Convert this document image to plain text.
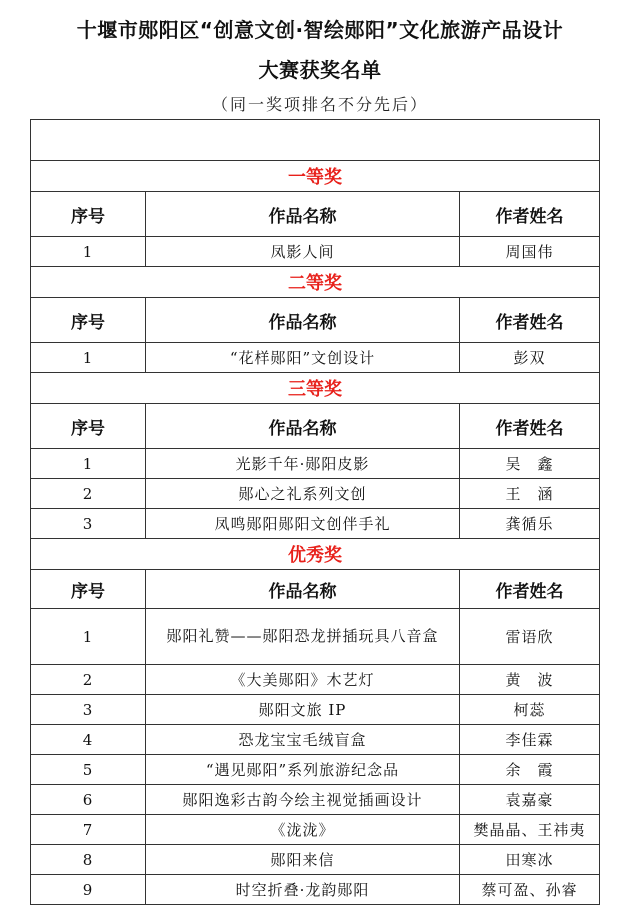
十堰市郧阳区“创意文创·智绘郧阳”文化旅游产品设计
大赛获奖名单
（同一奖项排名不分先后）

一等奖		
序号	作品名称	作者姓名
1	凤影人间	周国伟
二等奖		
序号	作品名称	作者姓名
1	“花样郧阳”文创设计	彭双
三等奖		
序号	作品名称	作者姓名
1	光影千年·郧阳皮影	吴　鑫
2	郧心之礼系列文创	王　涵
3	凤鸣郧阳郧阳文创伴手礼	龚循乐
优秀奖		
序号	作品名称	作者姓名
1	郧阳礼赞——郧阳恐龙拼插玩具八音盒	雷语欣
2	《大美郧阳》木艺灯	黄　波
3	郧阳文旅 IP	柯蕊
4	恐龙宝宝毛绒盲盒	李佳霖
5	“遇见郧阳”系列旅游纪念品	余　霞
6	郧阳逸彩古韵今绘主视觉插画设计	袁嘉豪
7	《泷泷》	樊晶晶、王祎夷
8	郧阳来信	田寒冰
9	时空折叠·龙韵郧阳	蔡可盈、孙睿
